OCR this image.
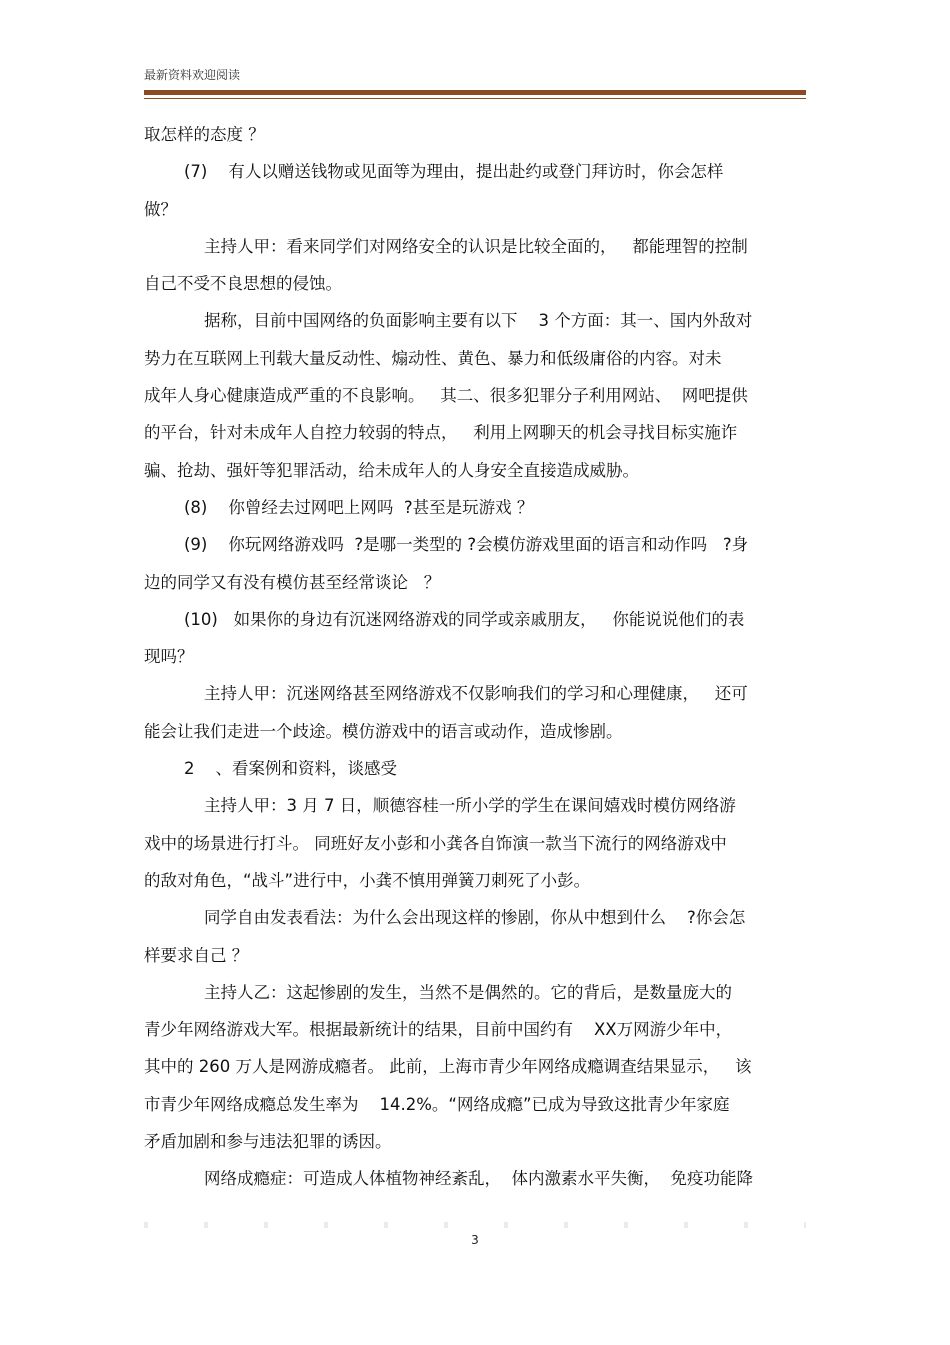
最新资料欢迎阅读
取怎样的态度 ？
(7)    有人以赠送钱物或见面等为理由，提出赴约或登门拜访时，你会怎样
做？
主持人甲：看来同学们对网络安全的认识是比较全面的，   都能理智的控制
自己不受不良思想的侵蚀。
据称，目前中国网络的负面影响主要有以下    3 个方面：其一、国内外敌对
势力在互联网上刊载大量反动性、煽动性、黄色、暴力和低级庸俗的内容。对未
成年人身心健康造成严重的不良影响。   其二、很多犯罪分子利用网站、  网吧提供
的平台，针对未成年人自控力较弱的特点，   利用上网聊天的机会寻找目标实施诈
骗、抢劫、强奸等犯罪活动，给未成年人的人身安全直接造成威胁。
(8)    你曾经去过网吧上网吗  ?甚至是玩游戏 ？
(9)    你玩网络游戏吗  ?是哪一类型的 ?会模仿游戏里面的语言和动作吗   ?身
边的同学又有没有模仿甚至经常谈论   ？
(10)   如果你的身边有沉迷网络游戏的同学或亲戚朋友，   你能说说他们的表
现吗？
主持人甲：沉迷网络甚至网络游戏不仅影响我们的学习和心理健康，   还可
能会让我们走进一个歧途。模仿游戏中的语言或动作，造成惨剧。
2    、看案例和资料，谈感受
主持人甲：3 月 7 日，顺德容桂一所小学的学生在课间嬉戏时模仿网络游
戏中的场景进行打斗。 同班好友小彭和小龚各自饰演一款当下流行的网络游戏中
的敌对角色，“战斗”进行中，小龚不慎用弹簧刀刺死了小彭。
同学自由发表看法：为什么会出现这样的惨剧，你从中想到什么    ?你会怎
样要求自己 ？
主持人乙：这起惨剧的发生，当然不是偶然的。它的背后，是数量庞大的
青少年网络游戏大军。根据最新统计的结果，目前中国约有    XX万网游少年中，
其中的 260 万人是网游成瘾者。 此前，上海市青少年网络成瘾调查结果显示，   该
市青少年网络成瘾总发生率为    14.2%。“网络成瘾”已成为导致这批青少年家庭
矛盾加剧和参与违法犯罪的诱因。
网络成瘾症：可造成人体植物神经紊乱，  体内激素水平失衡，  免疫功能降
3
